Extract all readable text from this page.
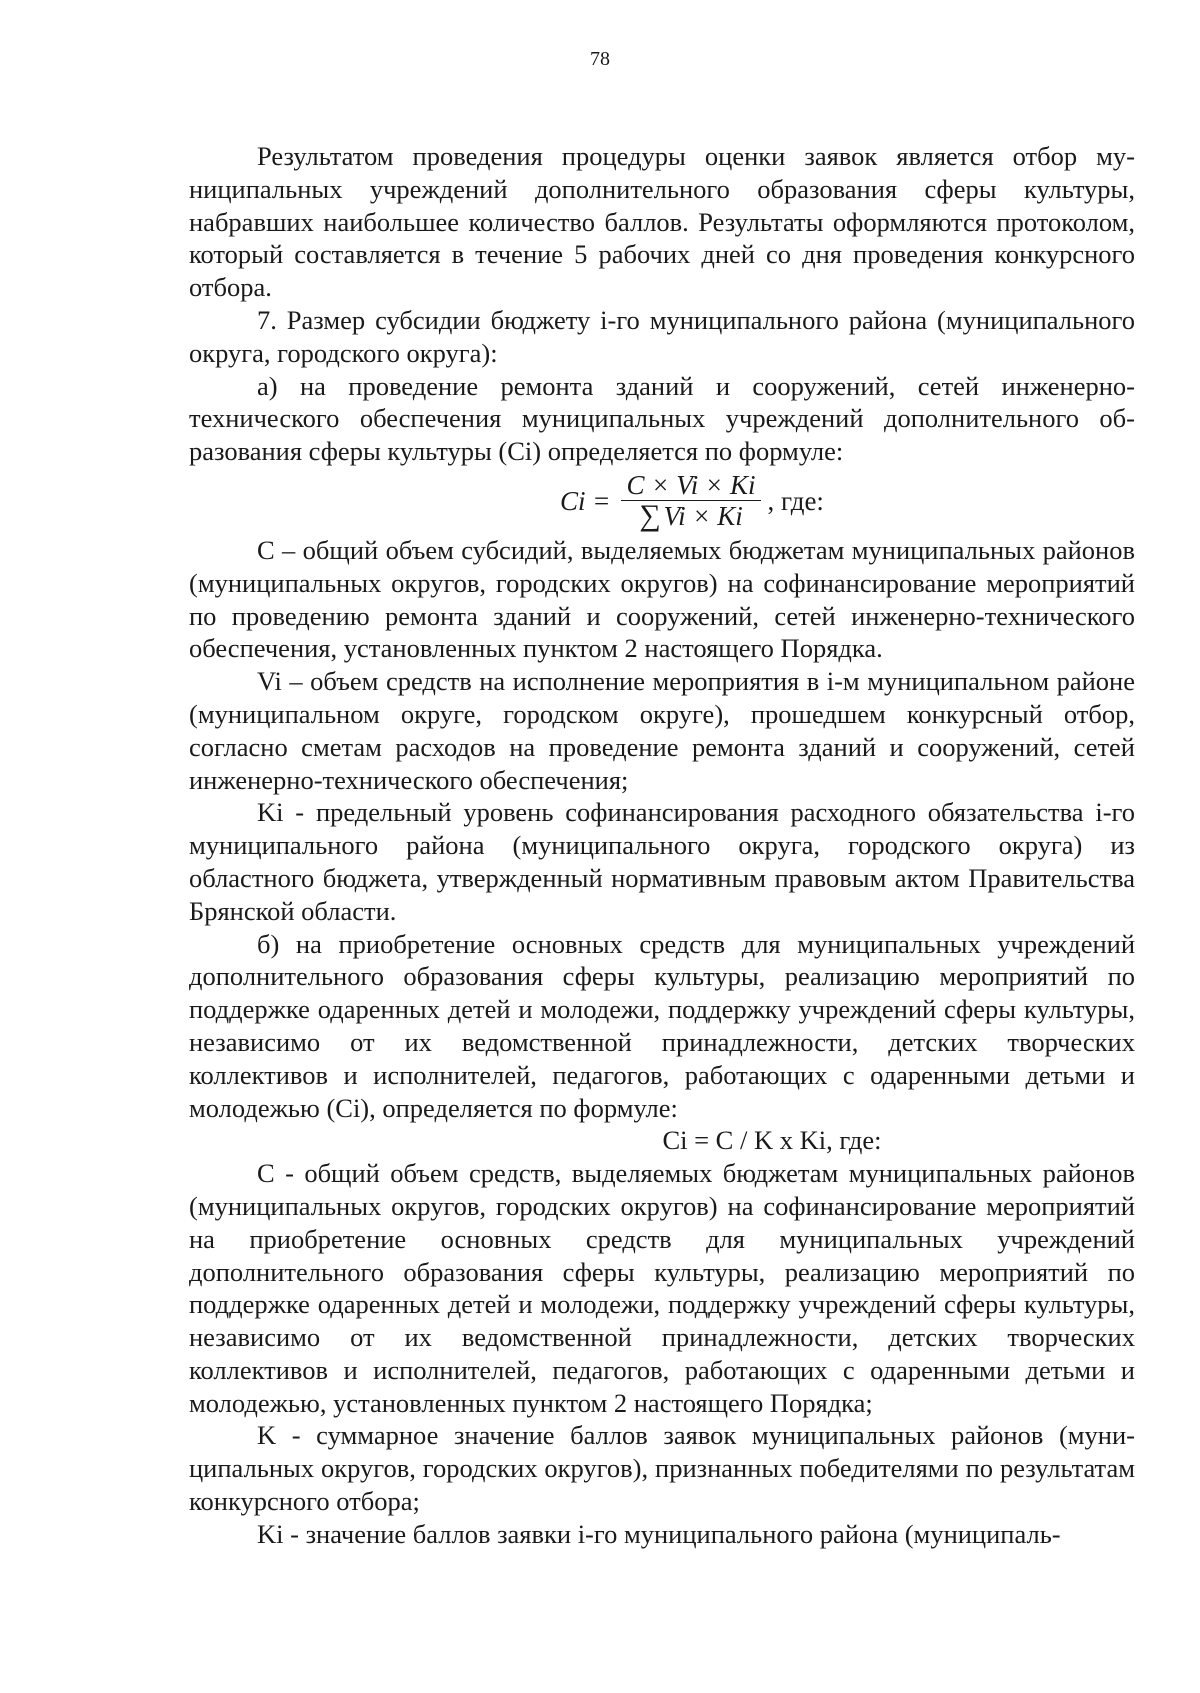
78

Результатом проведения процедуры оценки заявок является отбор муниципальных учреждений дополнительного образования сферы культуры, набравших наибольшее количество баллов. Результаты оформляются протоколом, который составляется в течение 5 рабочих дней со дня проведения конкурсного отбора.

7. Размер субсидии бюджету i-го муниципального района (муниципального округа, городского округа):

а) на проведение ремонта зданий и сооружений, сетей инженерно-технического обеспечения муниципальных учреждений дополнительного образования сферы культуры (Ci) определяется по формуле:

$Ci = \frac{C \times Vi \times Ki}{\sum Vi \times Ki}$ , где:

C – общий объем субсидий, выделяемых бюджетам муниципальных районов (муниципальных округов, городских округов) на софинансирование мероприятий по проведению ремонта зданий и сооружений, сетей инженерно-технического обеспечения, установленных пунктом 2 настоящего Порядка.

Vi – объем средств на исполнение мероприятия в i-м муниципальном районе (муниципальном округе, городском округе), прошедшем конкурсный отбор, согласно сметам расходов на проведение ремонта зданий и сооружений, сетей инженерно-технического обеспечения;

Ki - предельный уровень софинансирования расходного обязательства i-го муниципального района (муниципального округа, городского округа) из областного бюджета, утвержденный нормативным правовым актом Правительства Брянской области.

б) на приобретение основных средств для муниципальных учреждений дополнительного образования сферы культуры, реализацию мероприятий по поддержке одаренных детей и молодежи, поддержку учреждений сферы культуры, независимо от их ведомственной принадлежности, детских творческих коллективов и исполнителей, педагогов, работающих с одаренными детьми и молодежью (Ci), определяется по формуле:

Ci = C / K x Ki, где:

C - общий объем средств, выделяемых бюджетам муниципальных районов (муниципальных округов, городских округов) на софинансирование мероприятий на приобретение основных средств для муниципальных учреждений дополнительного образования сферы культуры, реализацию мероприятий по поддержке одаренных детей и молодежи, поддержку учреждений сферы культуры, независимо от их ведомственной принадлежности, детских творческих коллективов и исполнителей, педагогов, работающих с одаренными детьми и молодежью, установленных пунктом 2 настоящего Порядка;

K - суммарное значение баллов заявок муниципальных районов (муниципальных округов, городских округов), признанных победителями по результатам конкурсного отбора;

Ki - значение баллов заявки i-го муниципального района (муниципаль-
